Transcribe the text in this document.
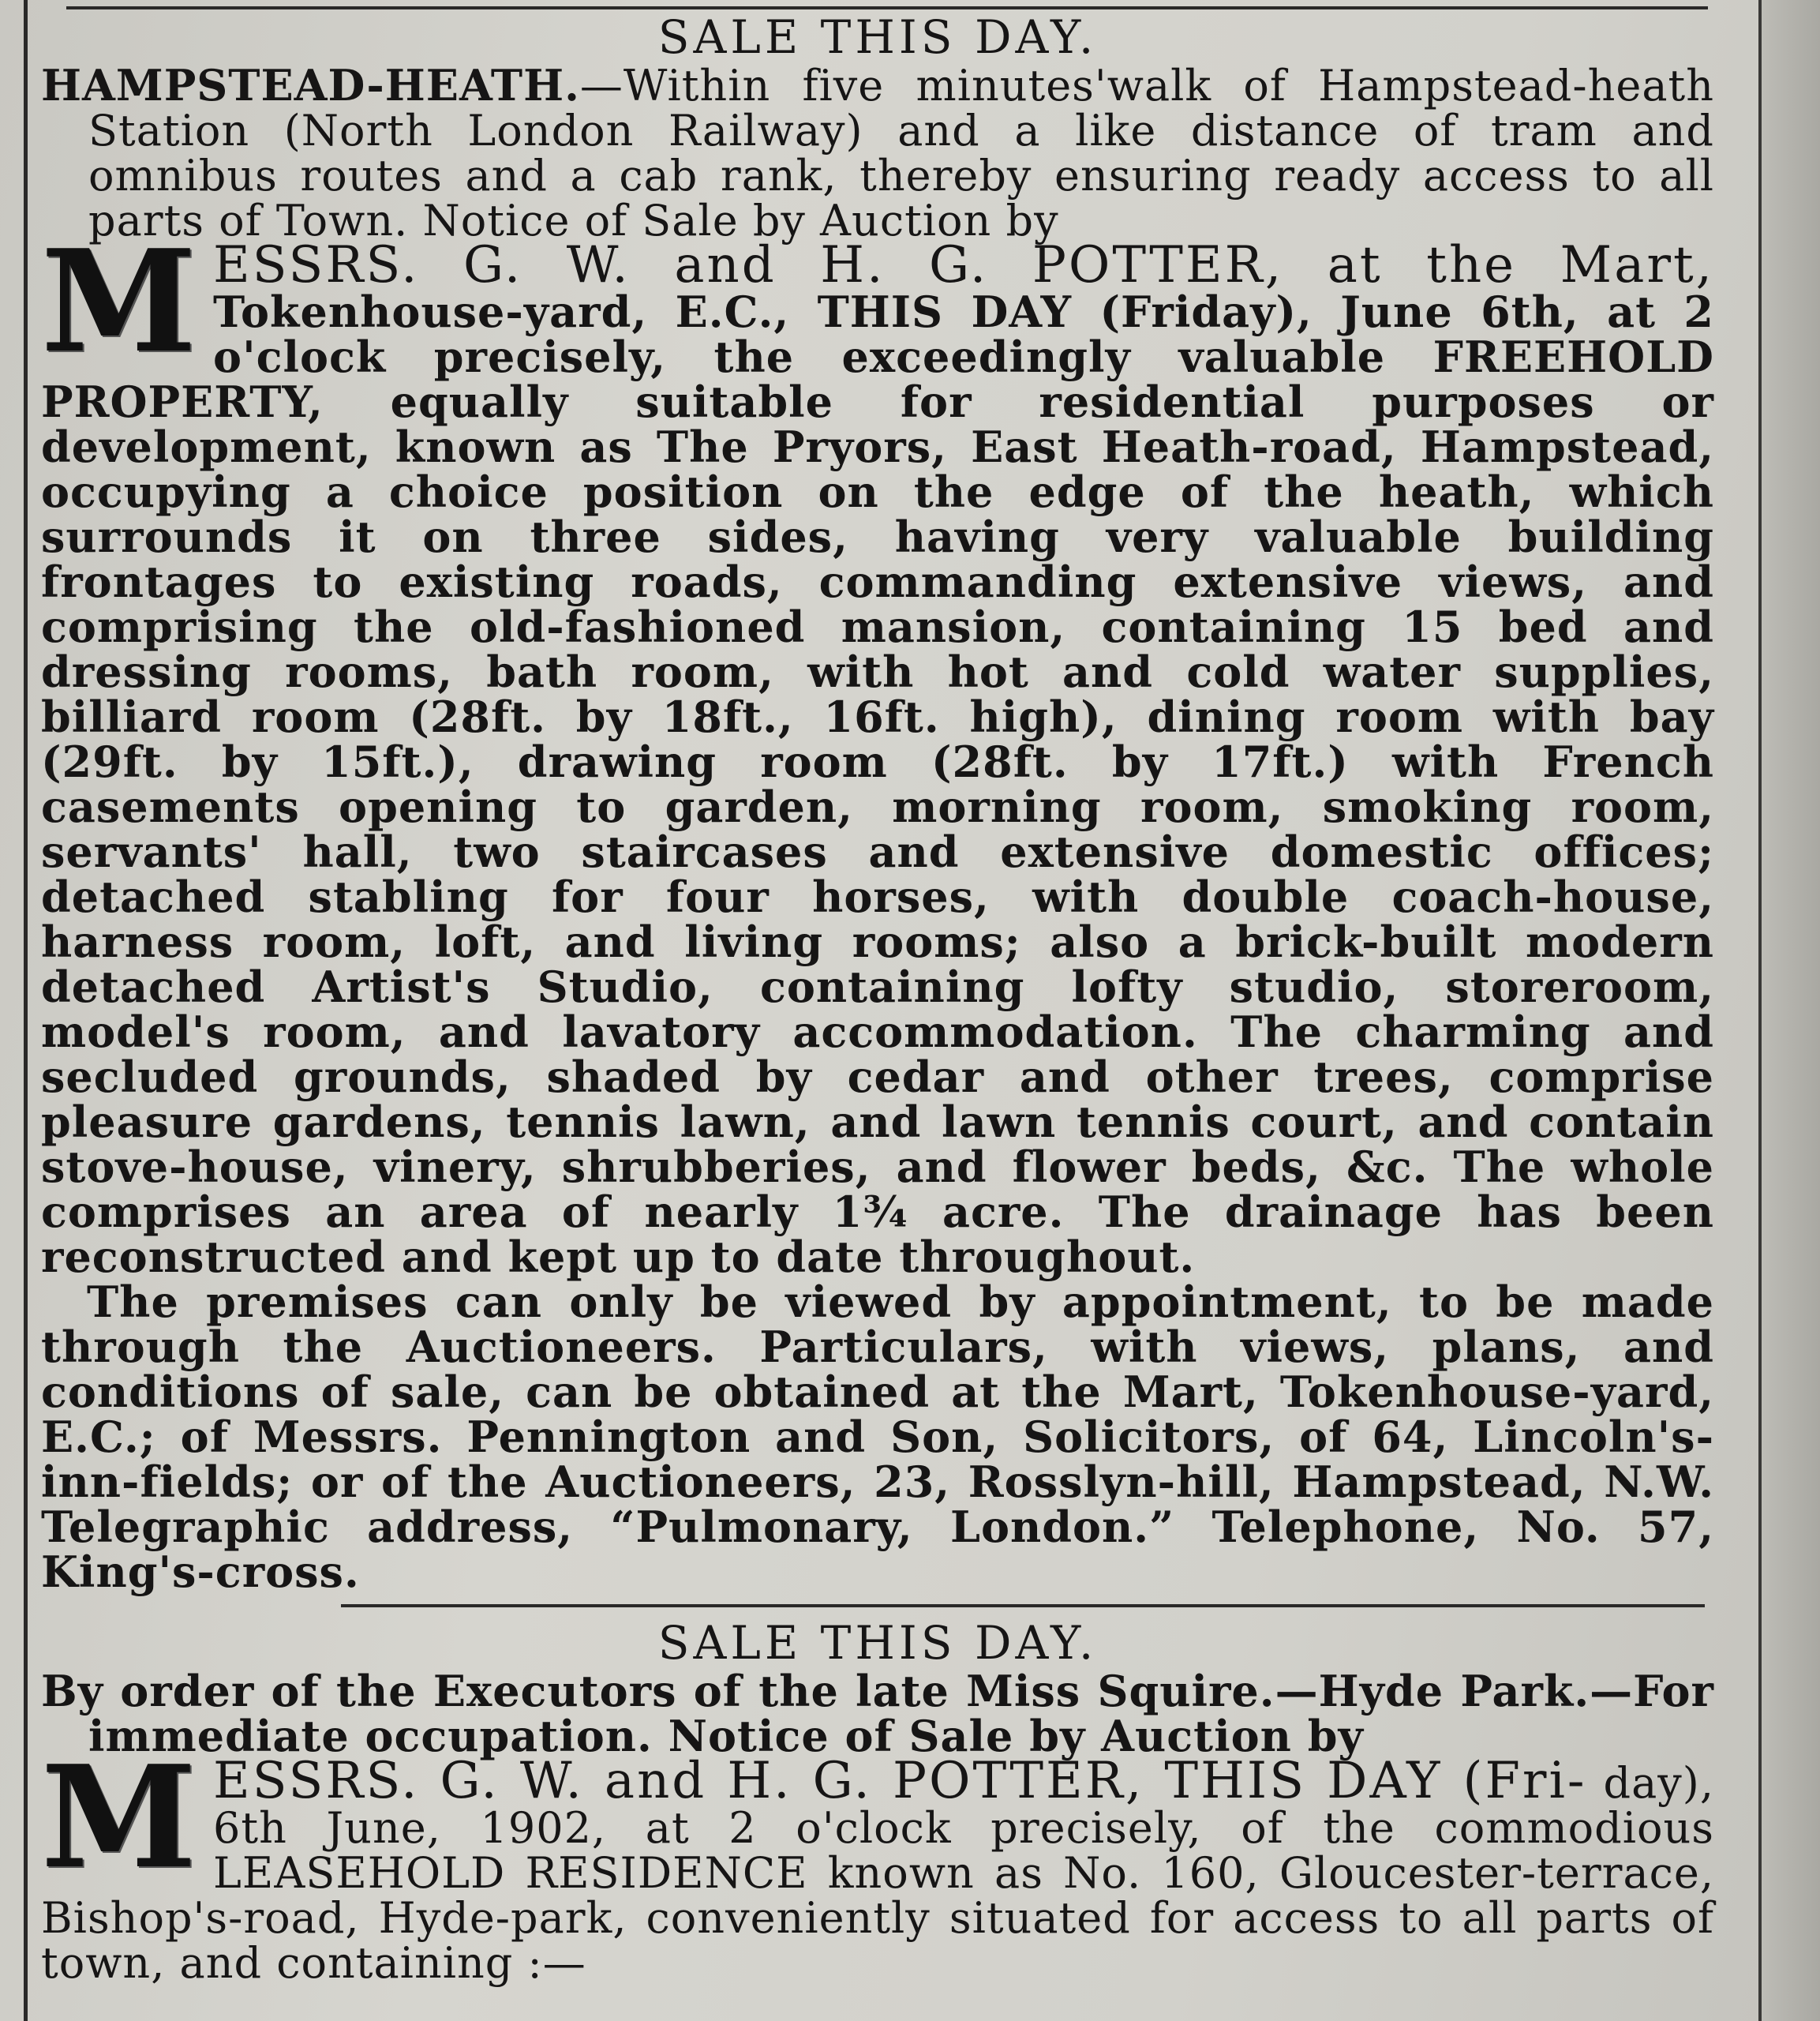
SALE THIS DAY.

HAMPSTEAD-HEATH.—Within five minutes'walk of Hampstead-heath Station (North London Railway) and a like distance of tram and omnibus routes and a cab rank, thereby ensuring ready access to all parts of Town. Notice of Sale by Auction by

MESSRS. G. W. and H. G. POTTER, at the Mart, Tokenhouse-yard, E.C., THIS DAY (Friday), June 6th, at 2 o'clock precisely, the exceedingly valuable FREEHOLD PROPERTY, equally suitable for residential purposes or development, known as The Pryors, East Heath-road, Hampstead, occupying a choice position on the edge of the heath, which surrounds it on three sides, having very valuable building frontages to existing roads, commanding extensive views, and comprising the old-fashioned mansion, containing 15 bed and dressing rooms, bath room, with hot and cold water supplies, billiard room (28ft. by 18ft., 16ft. high), dining room with bay (29ft. by 15ft.), drawing room (28ft. by 17ft.) with French casements opening to garden, morning room, smoking room, servants' hall, two staircases and extensive domestic offices; detached stabling for four horses, with double coach-house, harness room, loft, and living rooms; also a brick-built modern detached Artist's Studio, containing lofty studio, storeroom, model's room, and lavatory accommodation. The charming and secluded grounds, shaded by cedar and other trees, comprise pleasure gardens, tennis lawn, and lawn tennis court, and contain stove-house, vinery, shrubberies, and flower beds, &c. The whole comprises an area of nearly 1¾ acre. The drainage has been reconstructed and kept up to date throughout.

The premises can only be viewed by appointment, to be made through the Auctioneers. Particulars, with views, plans, and conditions of sale, can be obtained at the Mart, Tokenhouse-yard, E.C.; of Messrs. Pennington and Son, Solicitors, of 64, Lincoln's-inn-fields; or of the Auctioneers, 23, Rosslyn-hill, Hampstead, N.W. Telegraphic address, “Pulmonary, London.” Telephone, No. 57, King's-cross.

SALE THIS DAY.

By order of the Executors of the late Miss Squire.—Hyde Park.—For immediate occupation. Notice of Sale by Auction by

MESSRS. G. W. and H. G. POTTER, THIS DAY (Fri- day), 6th June, 1902, at 2 o'clock precisely, of the commodious LEASEHOLD RESIDENCE known as No. 160, Gloucester-terrace, Bishop's-road, Hyde-park, conveniently situated for access to all parts of town, and containing :—
